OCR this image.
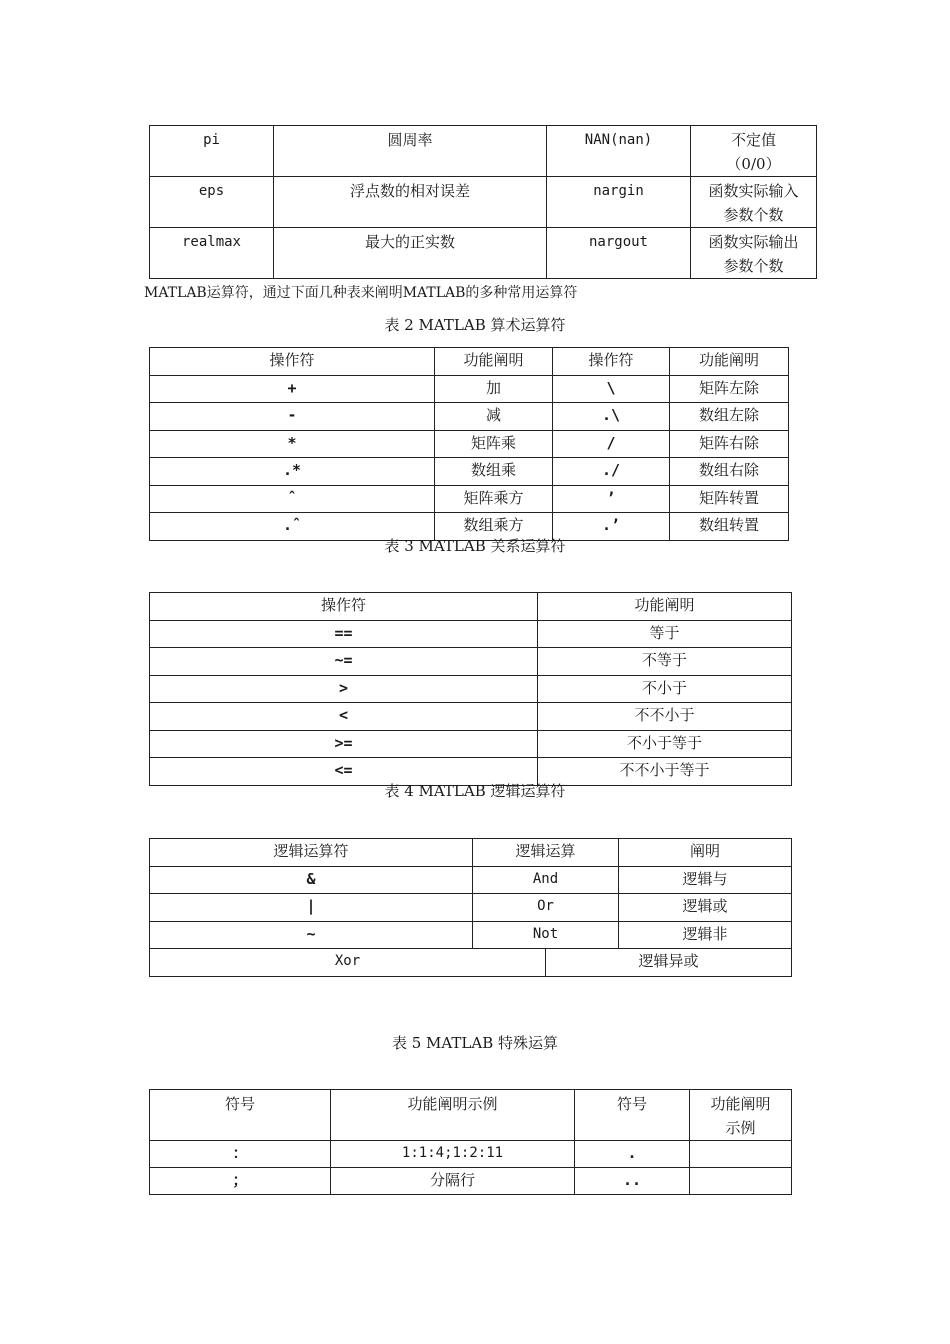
pi	圆周率	NAN(nan)	不定值
（0/0）

eps	浮点数的相对误差	nargin	函数实际输入
参数个数

realmax	最大的正实数	nargout	函数实际输出
参数个数
MATLAB运算符，通过下面几种表来阐明MATLAB的多种常用运算符
表 2 MATLAB 算术运算符
操作符	功能阐明	操作符	功能阐明
+	加	\	矩阵左除
-	减	.\	数组左除
*	矩阵乘	/	矩阵右除
.*	数组乘	./	数组右除
ˆ	矩阵乘方	’	矩阵转置
.ˆ	数组乘方	.’	数组转置
表 3 MATLAB 关系运算符
操作符	功能阐明
==	等于
~=	不等于
>	不小于
<	不不小于
>=	不小于等于
<=	不不小于等于
表 4 MATLAB 逻辑运算符
逻辑运算符	逻辑运算		阐明
&	And		逻辑与
|	Or		逻辑或
~	Not		逻辑非
Xor		逻辑异或	
表 5 MATLAB 特殊运算
符号	功能阐明示例	符号	功能阐明
示例

：	1:1:4;1:2:11	.	
；	分隔行	..	
